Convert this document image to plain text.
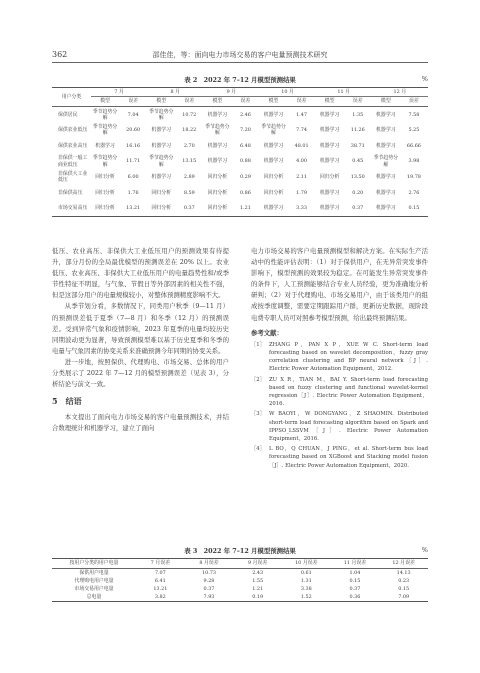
362	邵佳佳，等：面向电力市场交易的客户电量预测技术研究
表 2　2022 年 7–12 月模型预测结果	%
用户分类	7 月		8 月		9 月		10 月		11 月		12 月	
	模型	误差	模型	误差	模型	误差	模型	误差	模型	误差	模型	误差
保供居民	季节趋势分解	7.04	季节趋势分解	10.72	机器学习	2.46	机器学习	1.47	机器学习	1.35	机器学习	7.58
保供农业低压	季节趋势分解	20.60	机器学习	18.22	季节趋势分解	7.20	季节趋势分解	7.74	机器学习	11.26	机器学习	5.25
保供农业高压	机器学习	16.16	机器学习	2.70	机器学习	6.48	机器学习	48.01	机器学习	38.71	机器学习	66.66
非保供一般工商业低压	季节趋势分解	11.71	季节趋势分解	13.15	机器学习	0.88	机器学习	4.00	机器学习	0.45	季节趋势分解	3.98
非保供大工业低压	回归分析	6.00	机器学习	2.89	回归分析	0.29	回归分析	2.11	回归分析	13.50	机器学习	19.78
非保供高压	回归分析	1.76	回归分析	8.59	回归分析	0.86	回归分析	1.79	机器学习	0.20	机器学习	2.76
市场交易高压	回归分析	13.21	回归分析	0.37	回归分析	1.21	机器学习	3.33	机器学习	0.37	机器学习	0.15

低压、农业高压、非保供大工业低压用户的预测效果有待提升，部分月份的全局最优模型的预测误差在 20% 以上。农业低压、农业高压、非保供大工业低压用户的电量趋势性和/或季节性特征不明显，与气象、节假日等外部因素的相关性不强，但是这部分用户的电量规模较小，对整体预测精度影响不大。

从季节划分看，多数情况下，同类用户秋季（9—11 月）的预测误差低于夏季（7—8 月）和冬季（12 月）的预测误差。受到异常气象和疫情影响，2023 年夏季的电量均较历史同期波动更为显著，导致预测模型难以基于历史夏季和冬季的电量与气象因素的协变关系来准确预测今年同期的协变关系。

进一步地，按照保供、代理购电、市场交易、总体的用户分类展示了 2022 年 7—12 月的模型预测误差（见表 3），分析结论与前文一致。

5　结语

本文提出了面向电力市场交易的客户电量预测技术，并结合数理统计和机器学习，建立了面向

电力市场交易的客户电量预测模型和解决方案。在实际生产活动中的性能评估表明：（1）对于保供用户，在无异常突发事件影响下，模型预测的效果较为稳定。在可能发生异常突发事件的条件下，人工预测能够结合专业人员经验，更为准确地分析研判；（2）对于代理购电、市场交易用户，由于该类用户的组成按季度调整，需要定期跟踪用户群，更新历史数据，现阶段电费专职人员可对照参考模型预测，给出最终预测结果。

参考文献：

［1］ ZHANG P，PAN X P，XUE W C. Short-term load forecasting based on wavelet decomposition，fuzzy gray correlation clustering and BP neural network［J］. Electric Power Automation Equipment，2012.
［2］ ZU X R，TIAN M，BAI Y. Short-term load forecasting based on fuzzy clustering and functional wavelet-kernel regression［J］. Electric Power Automation Equipment，2016.
［3］ W BAOYI，W DONGYANG，Z SHAOMIN. Distributed short-term load forecasting algorithm based on Spark and IPPSO_LSSVM［J］. Electric Power Automation Equipment，2016.
［4］ L BO，Q CHUAN，J PING，et al. Short-term bus load forecasting based on XGBoost and Stacking model fusion［J］. Electric Power Automation Equipment，2020.
表 3　2022 年 7–12 月模型预测结果	%
按用户分类的用户电量	7 月误差	8 月误差	9 月误差	10 月误差	11 月误差	12 月误差
保供用户电量	7.07	10.73	2.43	0.61	1.04	14.13
代理购电用户电量	6.41	9.28	1.55	1.31	0.15	0.23
市场交易用户电量	13.21	0.37	1.21	3.38	0.37	0.15
总电量	3.82	7.93	0.19	1.52	0.36	7.09
